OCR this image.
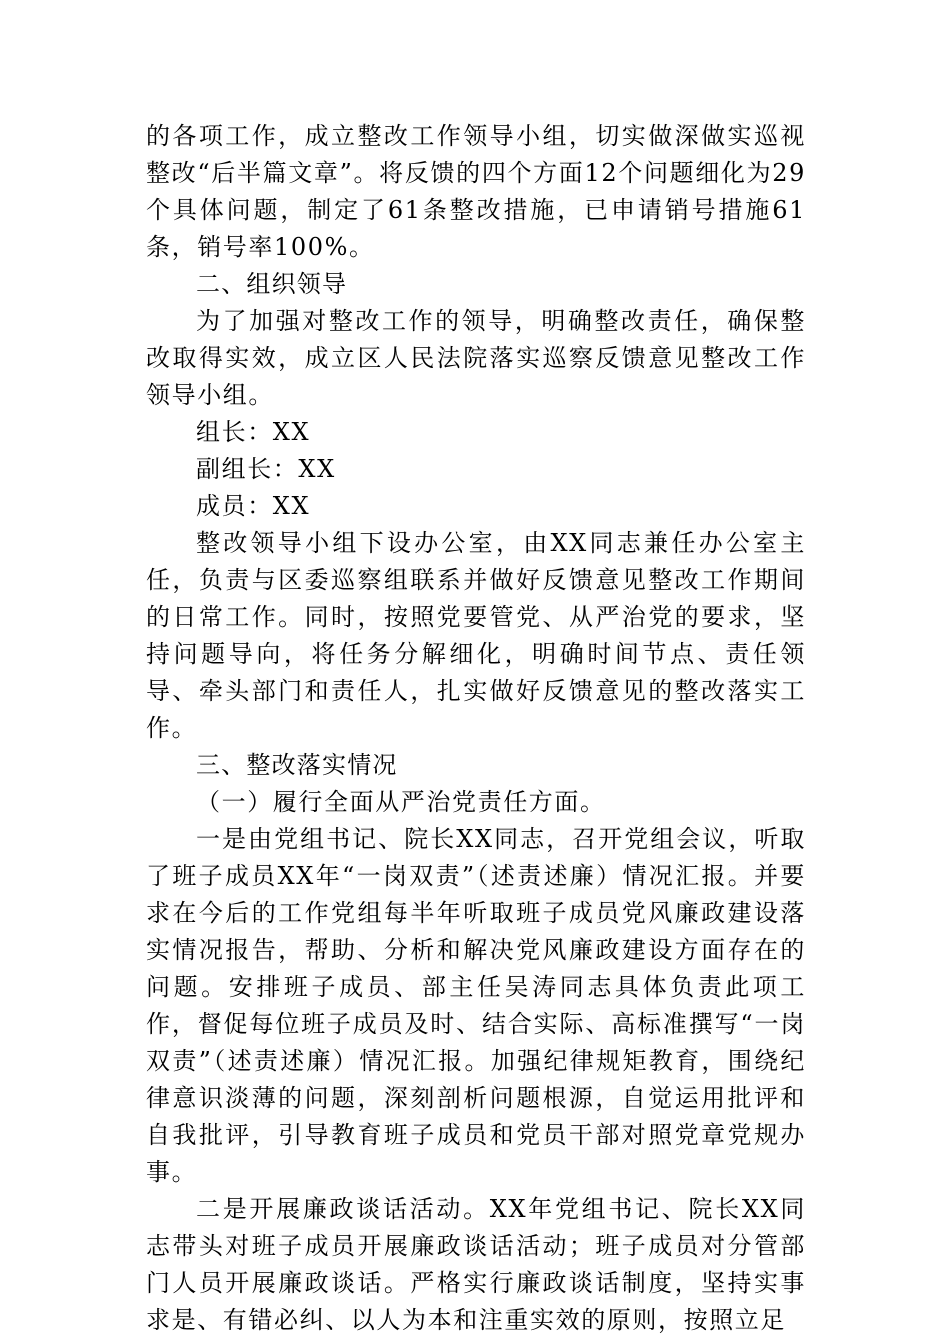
的各项工作，成立整改工作领导小组，切实做深做实巡视整改“后半篇文章”。将反馈的四个方面12个问题细化为29个具体问题，制定了61条整改措施，已申请销号措施61条，销号率100%。

二、组织领导

为了加强对整改工作的领导，明确整改责任，确保整改取得实效，成立区人民法院落实巡察反馈意见整改工作领导小组。

组长：XX

副组长：XX

成员：XX

整改领导小组下设办公室，由XX同志兼任办公室主任，负责与区委巡察组联系并做好反馈意见整改工作期间的日常工作。同时，按照党要管党、从严治党的要求，坚持问题导向，将任务分解细化，明确时间节点、责任领导、牵头部门和责任人，扎实做好反馈意见的整改落实工作。

三、整改落实情况

（一）履行全面从严治党责任方面。

一是由党组书记、院长XX同志，召开党组会议，听取了班子成员XX年“一岗双责”（述责述廉）情况汇报。并要求在今后的工作党组每半年听取班子成员党风廉政建设落实情况报告，帮助、分析和解决党风廉政建设方面存在的问题。安排班子成员、部主任吴涛同志具体负责此项工作，督促每位班子成员及时、结合实际、高标准撰写“一岗双责”（述责述廉）情况汇报。加强纪律规矩教育，围绕纪律意识淡薄的问题，深刻剖析问题根源，自觉运用批评和自我批评，引导教育班子成员和党员干部对照党章党规办事。

二是开展廉政谈话活动。XX年党组书记、院长XX同志带头对班子成员开展廉政谈话活动；班子成员对分管部门人员开展廉政谈话。严格实行廉政谈话制度，坚持实事求是、有错必纠、以人为本和注重实效的原则，按照立足
